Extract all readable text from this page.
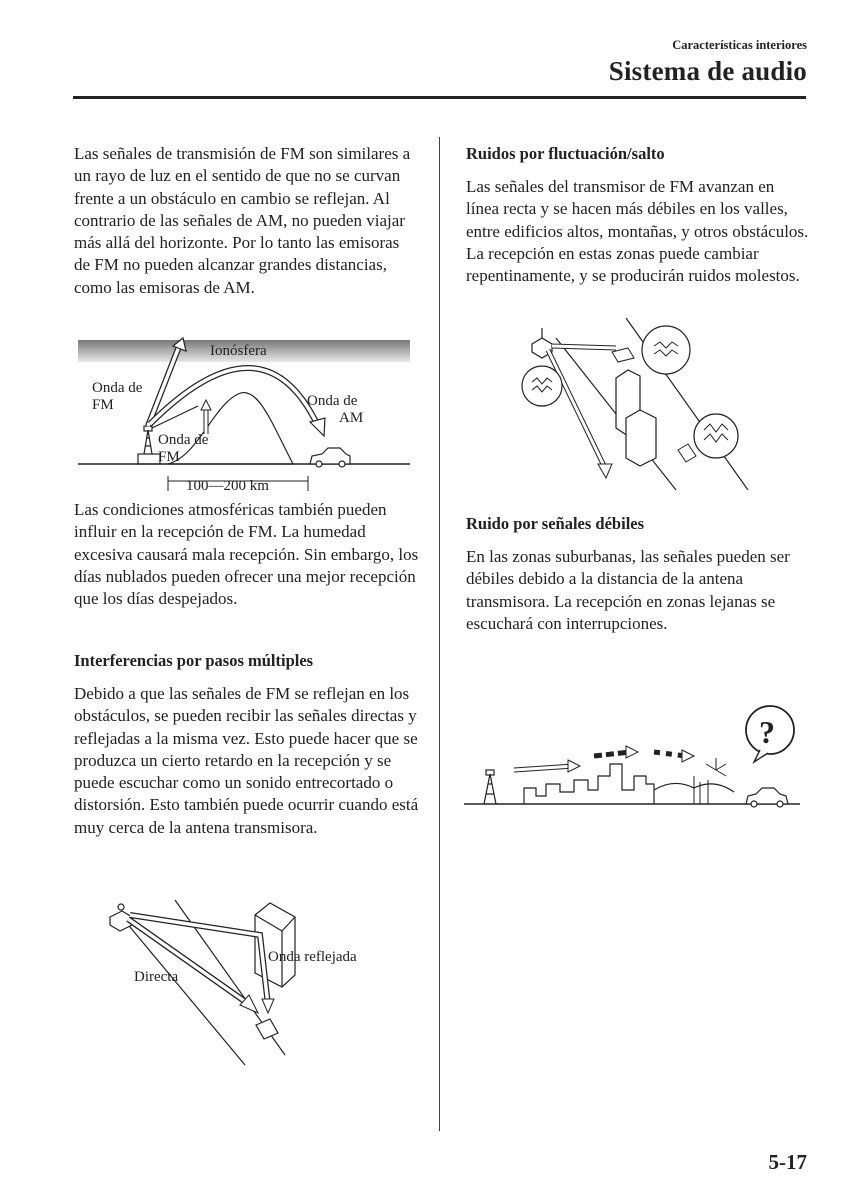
Características interiores
Sistema de audio

Las señales de transmisión de FM son similares a un rayo de luz en el sentido de que no se curvan frente a un obstáculo en cambio se reflejan. Al contrario de las señales de AM, no pueden viajar más allá del horizonte. Por lo tanto las emisoras de FM no pueden alcanzar grandes distancias, como las emisoras de AM.

Ionósfera
Onda de
FM
Onda de
FM
Onda de
AM
100—200 km

Las condiciones atmosféricas también pueden influir en la recepción de FM. La humedad excesiva causará mala recepción. Sin embargo, los días nublados pueden ofrecer una mejor recepción que los días despejados.

Interferencias por pasos múltiples

Debido a que las señales de FM se reflejan en los obstáculos, se pueden recibir las señales directas y reflejadas a la misma vez. Esto puede hacer que se produzca un cierto retardo en la recepción y se puede escuchar como un sonido entrecortado o distorsión. Esto también puede ocurrir cuando está muy cerca de la antena transmisora.

Directa
Onda reflejada

Ruidos por fluctuación/salto

Las señales del transmisor de FM avanzan en línea recta y se hacen más débiles en los valles, entre edificios altos, montañas, y otros obstáculos. La recepción en estas zonas puede cambiar repentinamente, y se producirán ruidos molestos.

Ruido por señales débiles

En las zonas suburbanas, las señales pueden ser débiles debido a la distancia de la antena transmisora. La recepción en zonas lejanas se escuchará con interrupciones.

?
5-17
